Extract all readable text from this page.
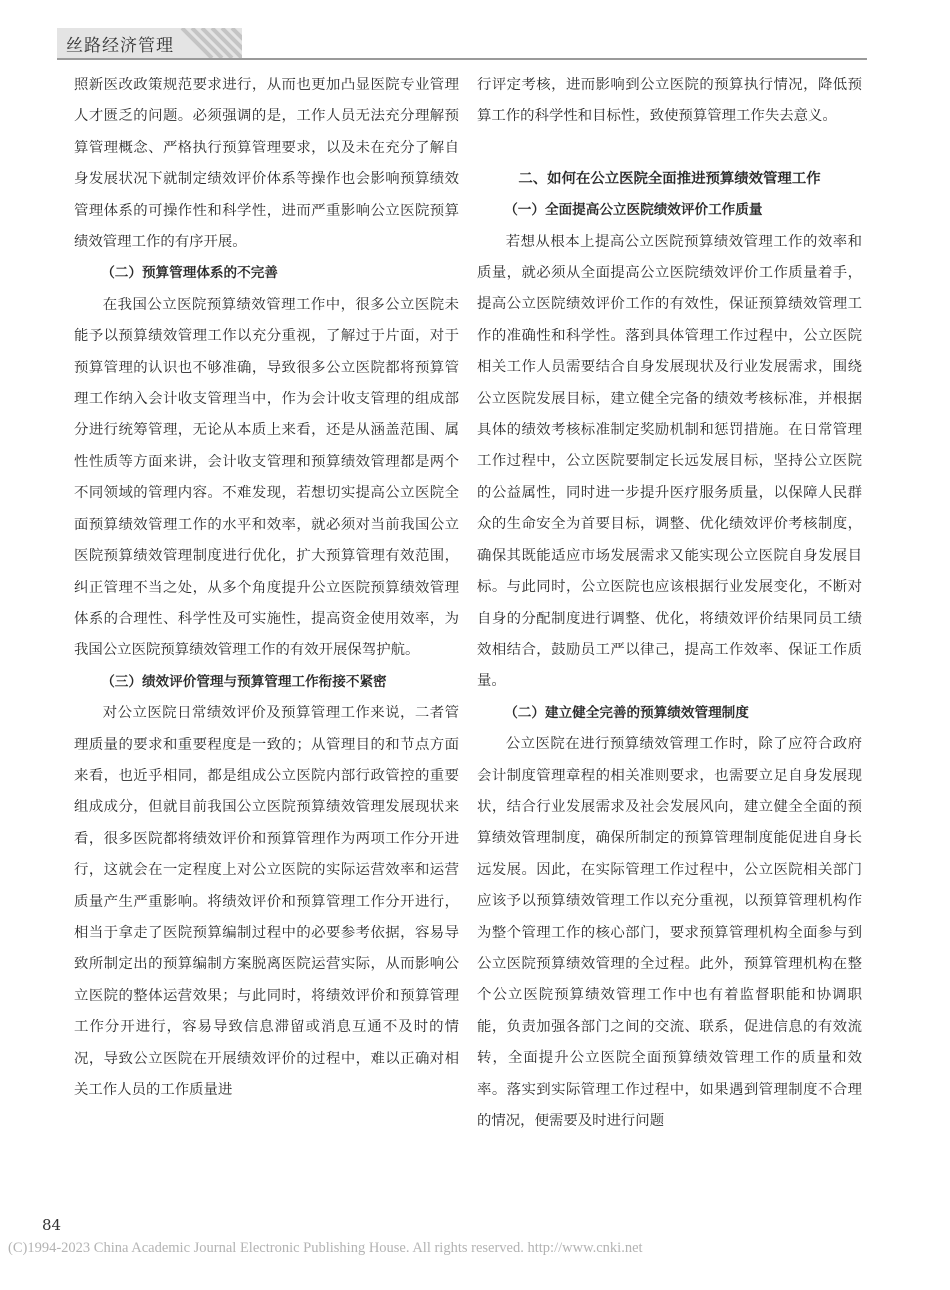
丝路经济管理

照新医改政策规范要求进行，从而也更加凸显医院专业管理人才匮乏的问题。必须强调的是，工作人员无法充分理解预算管理概念、严格执行预算管理要求，以及未在充分了解自身发展状况下就制定绩效评价体系等操作也会影响预算绩效管理体系的可操作性和科学性，进而严重影响公立医院预算绩效管理工作的有序开展。

（二）预算管理体系的不完善

在我国公立医院预算绩效管理工作中，很多公立医院未能予以预算绩效管理工作以充分重视，了解过于片面，对于预算管理的认识也不够准确，导致很多公立医院都将预算管理工作纳入会计收支管理当中，作为会计收支管理的组成部分进行统筹管理，无论从本质上来看，还是从涵盖范围、属性性质等方面来讲，会计收支管理和预算绩效管理都是两个不同领域的管理内容。不难发现，若想切实提高公立医院全面预算绩效管理工作的水平和效率，就必须对当前我国公立医院预算绩效管理制度进行优化，扩大预算管理有效范围，纠正管理不当之处，从多个角度提升公立医院预算绩效管理体系的合理性、科学性及可实施性，提高资金使用效率，为我国公立医院预算绩效管理工作的有效开展保驾护航。

（三）绩效评价管理与预算管理工作衔接不紧密

对公立医院日常绩效评价及预算管理工作来说，二者管理质量的要求和重要程度是一致的；从管理目的和节点方面来看，也近乎相同，都是组成公立医院内部行政管控的重要组成成分，但就目前我国公立医院预算绩效管理发展现状来看，很多医院都将绩效评价和预算管理作为两项工作分开进行，这就会在一定程度上对公立医院的实际运营效率和运营质量产生严重影响。将绩效评价和预算管理工作分开进行，相当于拿走了医院预算编制过程中的必要参考依据，容易导致所制定出的预算编制方案脱离医院运营实际，从而影响公立医院的整体运营效果；与此同时，将绩效评价和预算管理工作分开进行，容易导致信息滞留或消息互通不及时的情况，导致公立医院在开展绩效评价的过程中，难以正确对相关工作人员的工作质量进

行评定考核，进而影响到公立医院的预算执行情况，降低预算工作的科学性和目标性，致使预算管理工作失去意义。

二、如何在公立医院全面推进预算绩效管理工作
（一）全面提高公立医院绩效评价工作质量

若想从根本上提高公立医院预算绩效管理工作的效率和质量，就必须从全面提高公立医院绩效评价工作质量着手，提高公立医院绩效评价工作的有效性，保证预算绩效管理工作的准确性和科学性。落到具体管理工作过程中，公立医院相关工作人员需要结合自身发展现状及行业发展需求，围绕公立医院发展目标，建立健全完备的绩效考核标准，并根据具体的绩效考核标准制定奖励机制和惩罚措施。在日常管理工作过程中，公立医院要制定长远发展目标，坚持公立医院的公益属性，同时进一步提升医疗服务质量，以保障人民群众的生命安全为首要目标，调整、优化绩效评价考核制度，确保其既能适应市场发展需求又能实现公立医院自身发展目标。与此同时，公立医院也应该根据行业发展变化，不断对自身的分配制度进行调整、优化，将绩效评价结果同员工绩效相结合，鼓励员工严以律己，提高工作效率、保证工作质量。

（二）建立健全完善的预算绩效管理制度

公立医院在进行预算绩效管理工作时，除了应符合政府会计制度管理章程的相关准则要求，也需要立足自身发展现状，结合行业发展需求及社会发展风向，建立健全全面的预算绩效管理制度，确保所制定的预算管理制度能促进自身长远发展。因此，在实际管理工作过程中，公立医院相关部门应该予以预算绩效管理工作以充分重视，以预算管理机构作为整个管理工作的核心部门，要求预算管理机构全面参与到公立医院预算绩效管理的全过程。此外，预算管理机构在整个公立医院预算绩效管理工作中也有着监督职能和协调职能，负责加强各部门之间的交流、联系，促进信息的有效流转，全面提升公立医院全面预算绩效管理工作的质量和效率。落实到实际管理工作过程中，如果遇到管理制度不合理的情况，便需要及时进行问题

84
(C)1994-2023 China Academic Journal Electronic Publishing House. All rights reserved. http://www.cnki.net
